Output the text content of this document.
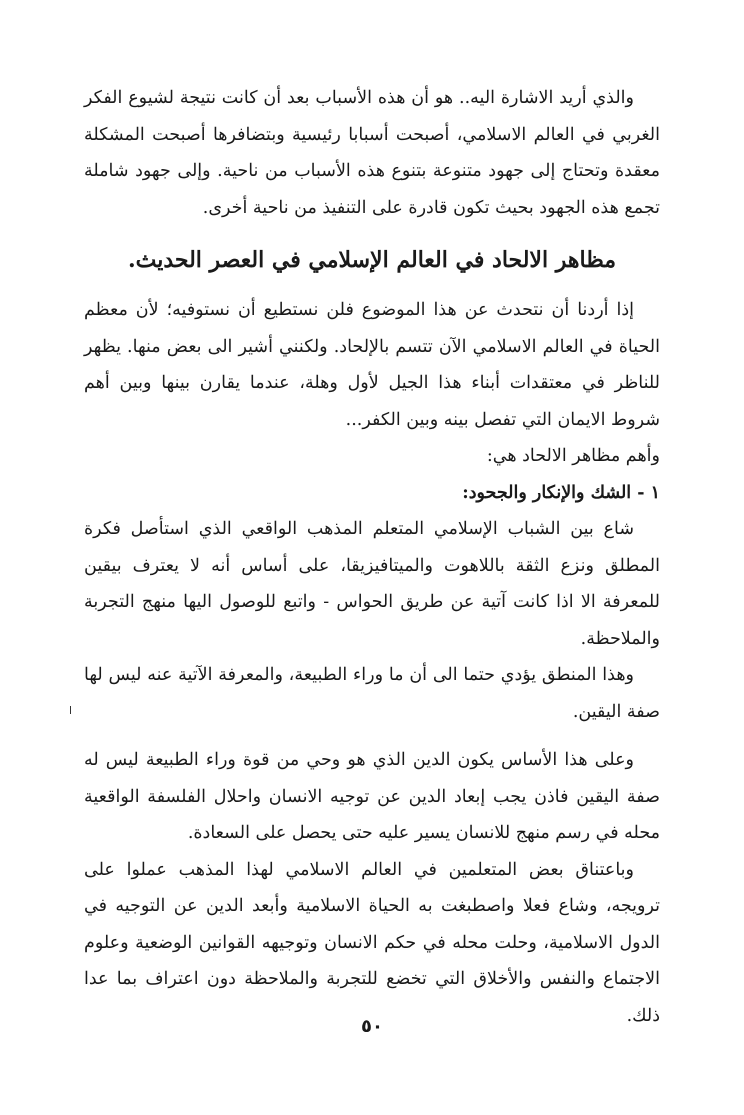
والذي أريد الاشارة اليه.. هو أن هذه الأسباب بعد أن كانت نتيجة لشيوع الفكر الغربي في العالم الاسلامي، أصبحت أسبابا رئيسية وبتضافرها أصبحت المشكلة معقدة وتحتاج إلى جهود متنوعة بتنوع هذه الأسباب من ناحية. وإلى جهود شاملة تجمع هذه الجهود بحيث تكون قادرة على التنفيذ من ناحية أخرى.

مظاهر الالحاد في العالم الإسلامي في العصر الحديث.

إذا أردنا أن نتحدث عن هذا الموضوع فلن نستطيع أن نستوفيه؛ لأن معظم الحياة في العالم الاسلامي الآن تتسم بالإلحاد. ولكنني أشير الى بعض منها. يظهر للناظر في معتقدات أبناء هذا الجيل لأول وهلة، عندما يقارن بينها وبين أهم شروط الايمان التي تفصل بينه وبين الكفر...

وأهم مظاهر الالحاد هي:

١ - الشك والإنكار والجحود:

شاع بين الشباب الإسلامي المتعلم المذهب الواقعي الذي استأصل فكرة المطلق ونزع الثقة باللاهوت والميتافيزيقا، على أساس أنه لا يعترف بيقين للمعرفة الا اذا كانت آتية عن طريق الحواس - واتبع للوصول اليها منهج التجربة والملاحظة.

وهذا المنطق يؤدي حتما الى أن ما وراء الطبيعة، والمعرفة الآتية عنه ليس لها صفة اليقين.

وعلى هذا الأساس يكون الدين الذي هو وحي من قوة وراء الطبيعة ليس له صفة اليقين فاذن يجب إبعاد الدين عن توجيه الانسان واحلال الفلسفة الواقعية محله في رسم منهج للانسان يسير عليه حتى يحصل على السعادة.

وباعتناق بعض المتعلمين في العالم الاسلامي لهذا المذهب عملوا على ترويجه، وشاع فعلا واصطبغت به الحياة الاسلامية وأبعد الدين عن التوجيه في الدول الاسلامية، وحلت محله في حكم الانسان وتوجيهه القوانين الوضعية وعلوم الاجتماع والنفس والأخلاق التي تخضع للتجربة والملاحظة دون اعتراف بما عدا ذلك.

٥٠
